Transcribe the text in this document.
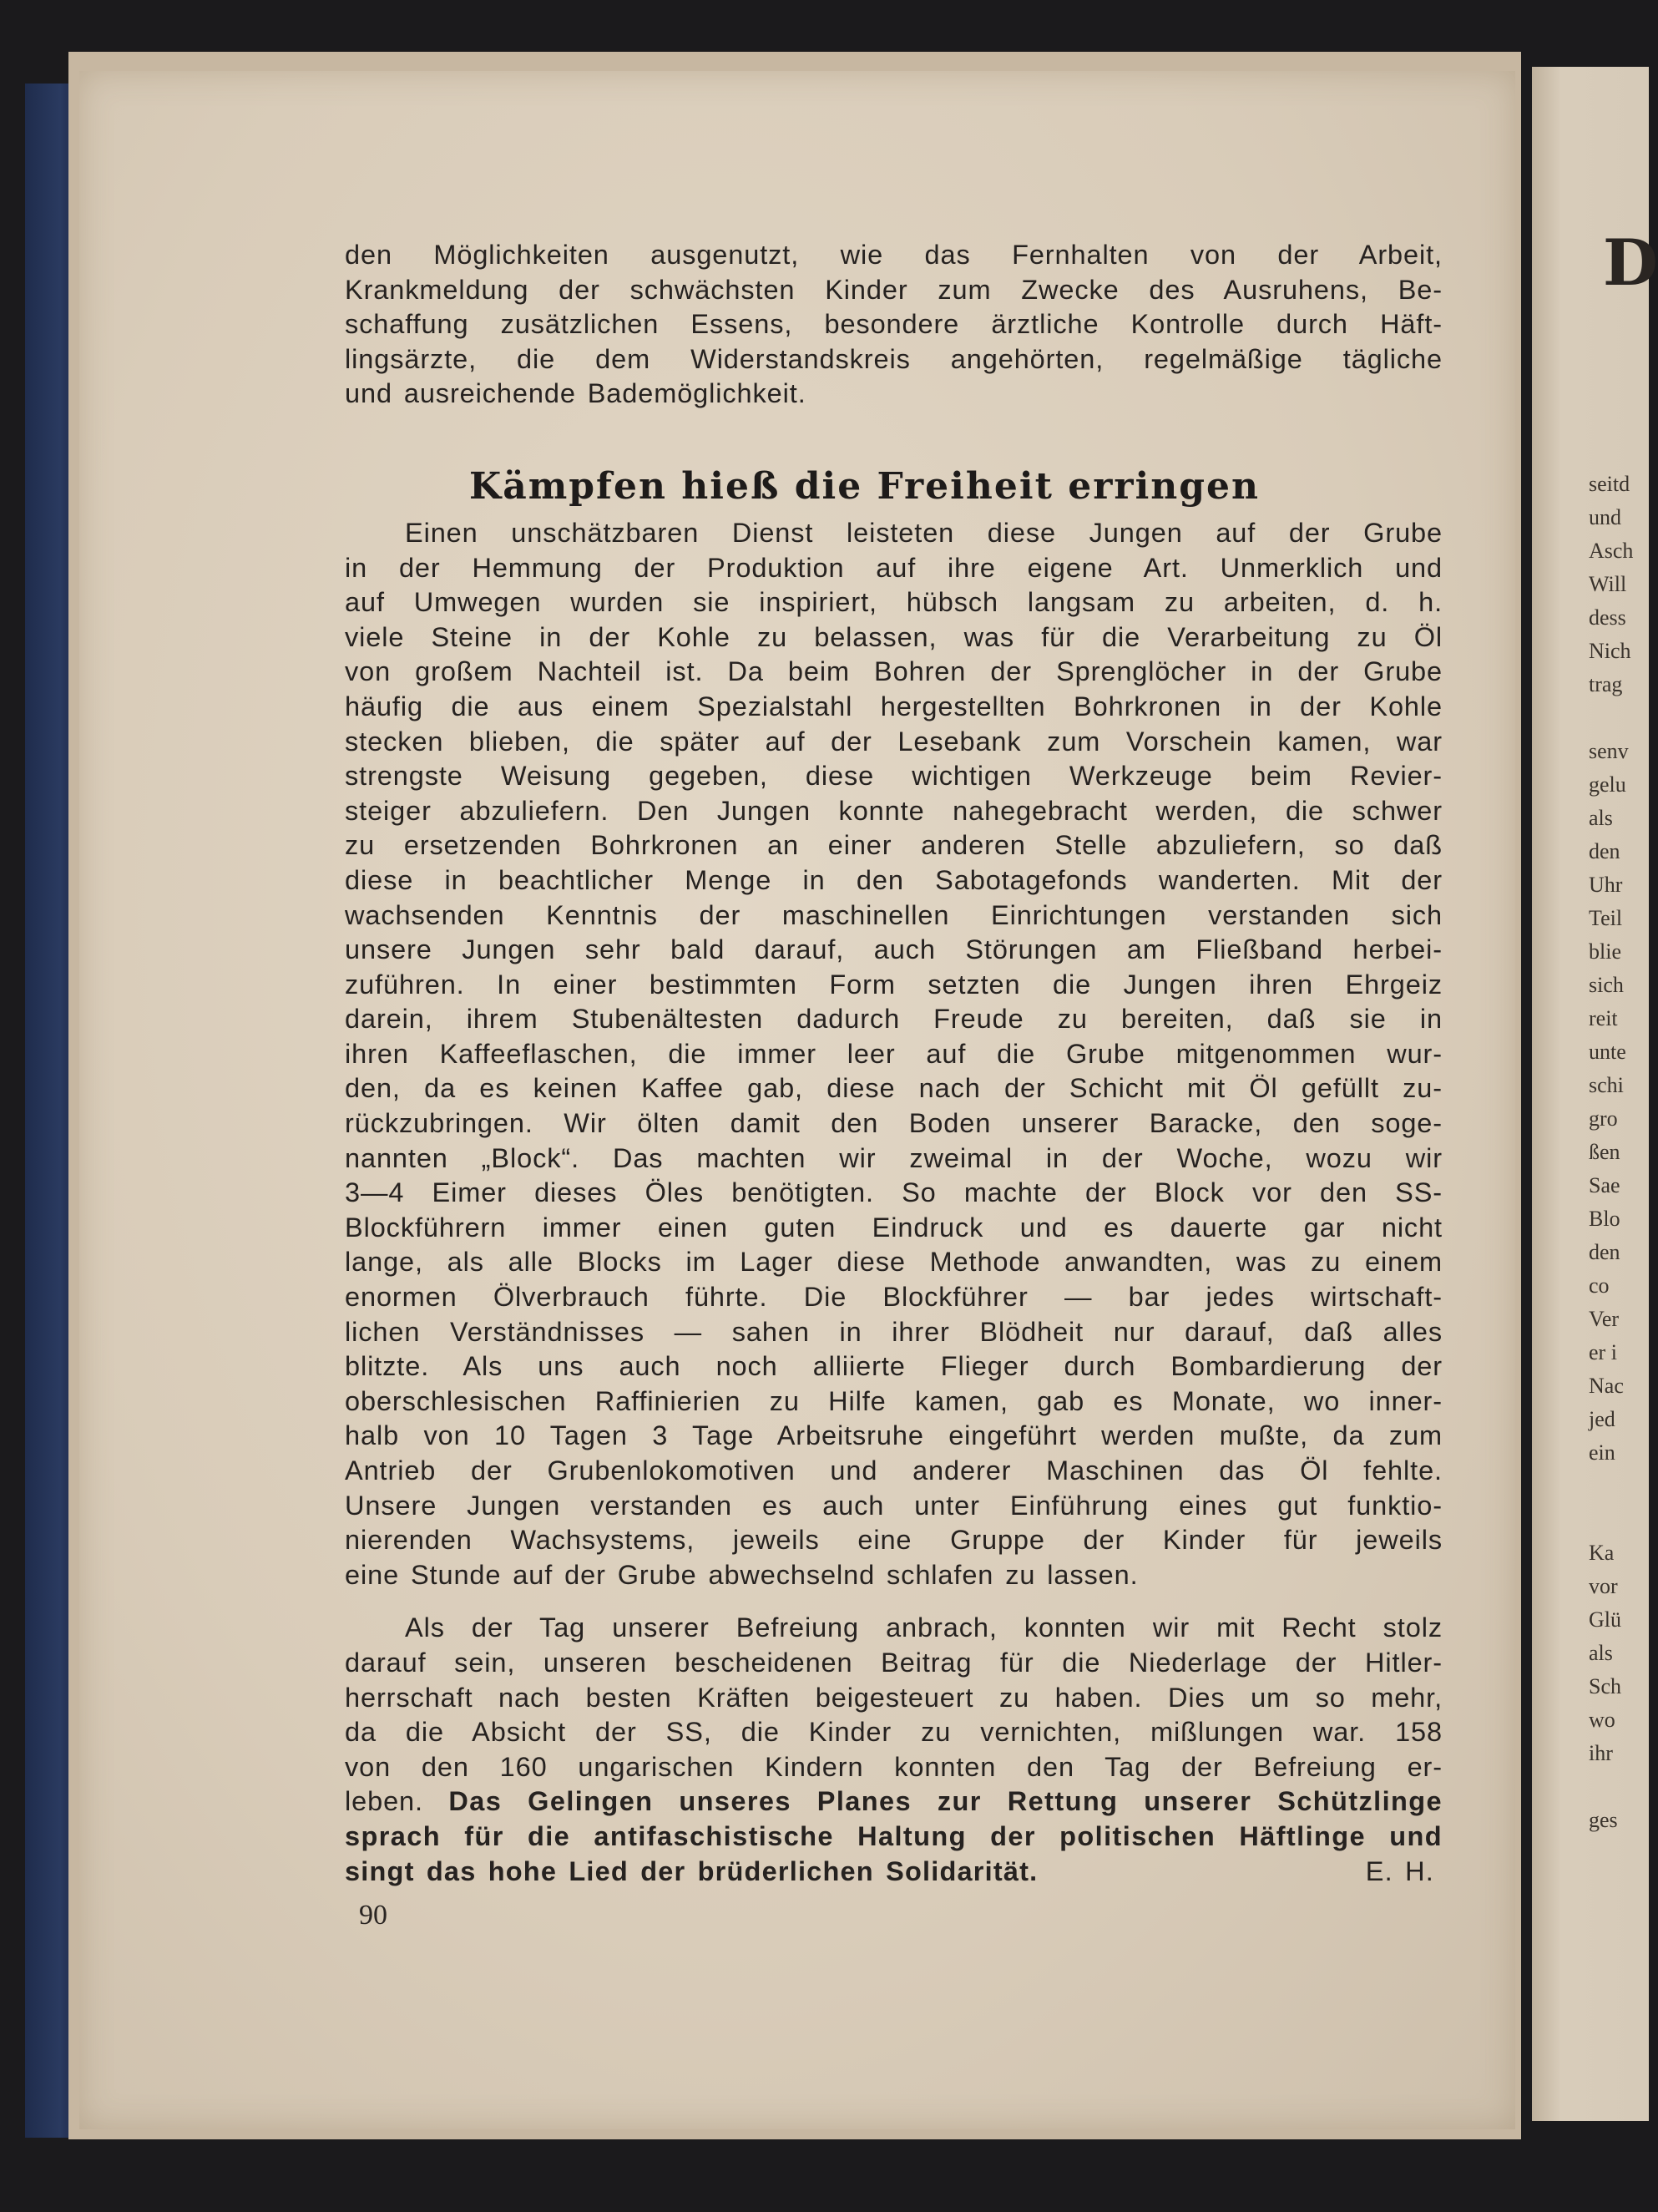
D
seitd
und
Asch
Will
dess
Nich
trag

senv
gelu
als
den
Uhr
Teil
blie
sich
reit
unte
schi
gro
ßen
Sae
Blo
den
co
Ver
er i
Nac
jed
ein

Ka
vor
Glü
als
Sch
wo
ihr

ges

den Möglichkeiten ausgenutzt, wie das Fernhalten von der Arbeit,

Krankmeldung der schwächsten Kinder zum Zwecke des Ausruhens, Be-

schaffung zusätzlichen Essens, besondere ärztliche Kontrolle durch Häft-

lingsärzte, die dem Widerstandskreis angehörten, regelmäßige tägliche

und ausreichende Bademöglichkeit.

Kämpfen hieß die Freiheit erringen

Einen unschätzbaren Dienst leisteten diese Jungen auf der Grube

in der Hemmung der Produktion auf ihre eigene Art. Unmerklich und

auf Umwegen wurden sie inspiriert, hübsch langsam zu arbeiten, d. h.

viele Steine in der Kohle zu belassen, was für die Verarbeitung zu Öl

von großem Nachteil ist. Da beim Bohren der Sprenglöcher in der Grube

häufig die aus einem Spezialstahl hergestellten Bohrkronen in der Kohle

stecken blieben, die später auf der Lesebank zum Vorschein kamen, war

strengste Weisung gegeben, diese wichtigen Werkzeuge beim Revier-

steiger abzuliefern. Den Jungen konnte nahegebracht werden, die schwer

zu ersetzenden Bohrkronen an einer anderen Stelle abzuliefern, so daß

diese in beachtlicher Menge in den Sabotagefonds wanderten. Mit der

wachsenden Kenntnis der maschinellen Einrichtungen verstanden sich

unsere Jungen sehr bald darauf, auch Störungen am Fließband herbei-

zuführen. In einer bestimmten Form setzten die Jungen ihren Ehrgeiz

darein, ihrem Stubenältesten dadurch Freude zu bereiten, daß sie in

ihren Kaffeeflaschen, die immer leer auf die Grube mitgenommen wur-

den, da es keinen Kaffee gab, diese nach der Schicht mit Öl gefüllt zu-

rückzubringen. Wir ölten damit den Boden unserer Baracke, den soge-

nannten „Block“. Das machten wir zweimal in der Woche, wozu wir

3—4 Eimer dieses Öles benötigten. So machte der Block vor den SS-

Blockführern immer einen guten Eindruck und es dauerte gar nicht

lange, als alle Blocks im Lager diese Methode anwandten, was zu einem

enormen Ölverbrauch führte. Die Blockführer — bar jedes wirtschaft-

lichen Verständnisses — sahen in ihrer Blödheit nur darauf, daß alles

blitzte. Als uns auch noch alliierte Flieger durch Bombardierung der

oberschlesischen Raffinierien zu Hilfe kamen, gab es Monate, wo inner-

halb von 10 Tagen 3 Tage Arbeitsruhe eingeführt werden mußte, da zum

Antrieb der Grubenlokomotiven und anderer Maschinen das Öl fehlte.

Unsere Jungen verstanden es auch unter Einführung eines gut funktio-

nierenden Wachsystems, jeweils eine Gruppe der Kinder für jeweils

eine Stunde auf der Grube abwechselnd schlafen zu lassen.

Als der Tag unserer Befreiung anbrach, konnten wir mit Recht stolz

darauf sein, unseren bescheidenen Beitrag für die Niederlage der Hitler-

herrschaft nach besten Kräften beigesteuert zu haben. Dies um so mehr,

da die Absicht der SS, die Kinder zu vernichten, mißlungen war. 158

von den 160 ungarischen Kindern konnten den Tag der Befreiung er-

leben. Das Gelingen unseres Planes zur Rettung unserer Schützlinge

sprach für die antifaschistische Haltung der politischen Häftlinge und

singt das hohe Lied der brüderlichen Solidarität.	E. H.
90
